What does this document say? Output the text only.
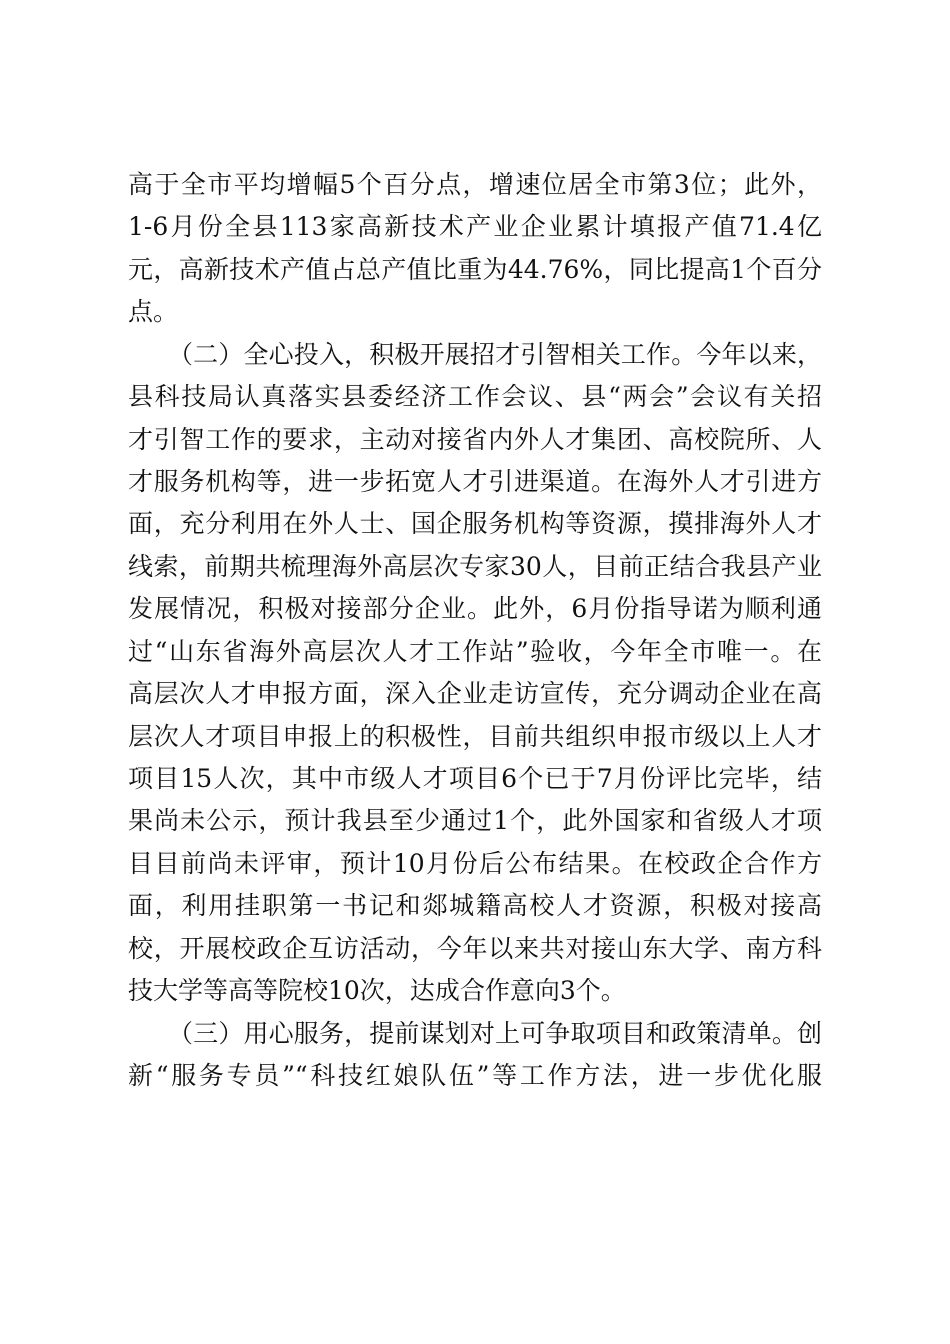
高于全市平均增幅5个百分点，增速位居全市第3位；此外，
1-6月份全县113家高新技术产业企业累计填报产值71.4亿
元，高新技术产值占总产值比重为44.76%，同比提高1个百分
点。
（二）全心投入，积极开展招才引智相关工作。今年以来，
县科技局认真落实县委经济工作会议、县“两会”会议有关招
才引智工作的要求，主动对接省内外人才集团、高校院所、人
才服务机构等，进一步拓宽人才引进渠道。在海外人才引进方
面，充分利用在外人士、国企服务机构等资源，摸排海外人才
线索，前期共梳理海外高层次专家30人，目前正结合我县产业
发展情况，积极对接部分企业。此外，6月份指导诺为顺利通
过“山东省海外高层次人才工作站”验收，今年全市唯一。在
高层次人才申报方面，深入企业走访宣传，充分调动企业在高
层次人才项目申报上的积极性，目前共组织申报市级以上人才
项目15人次，其中市级人才项目6个已于7月份评比完毕，结
果尚未公示，预计我县至少通过1个，此外国家和省级人才项
目目前尚未评审，预计10月份后公布结果。在校政企合作方
面，利用挂职第一书记和郯城籍高校人才资源，积极对接高
校，开展校政企互访活动，今年以来共对接山东大学、南方科
技大学等高等院校10次，达成合作意向3个。
（三）用心服务，提前谋划对上可争取项目和政策清单。创
新“服务专员”“科技红娘队伍”等工作方法，进一步优化服
